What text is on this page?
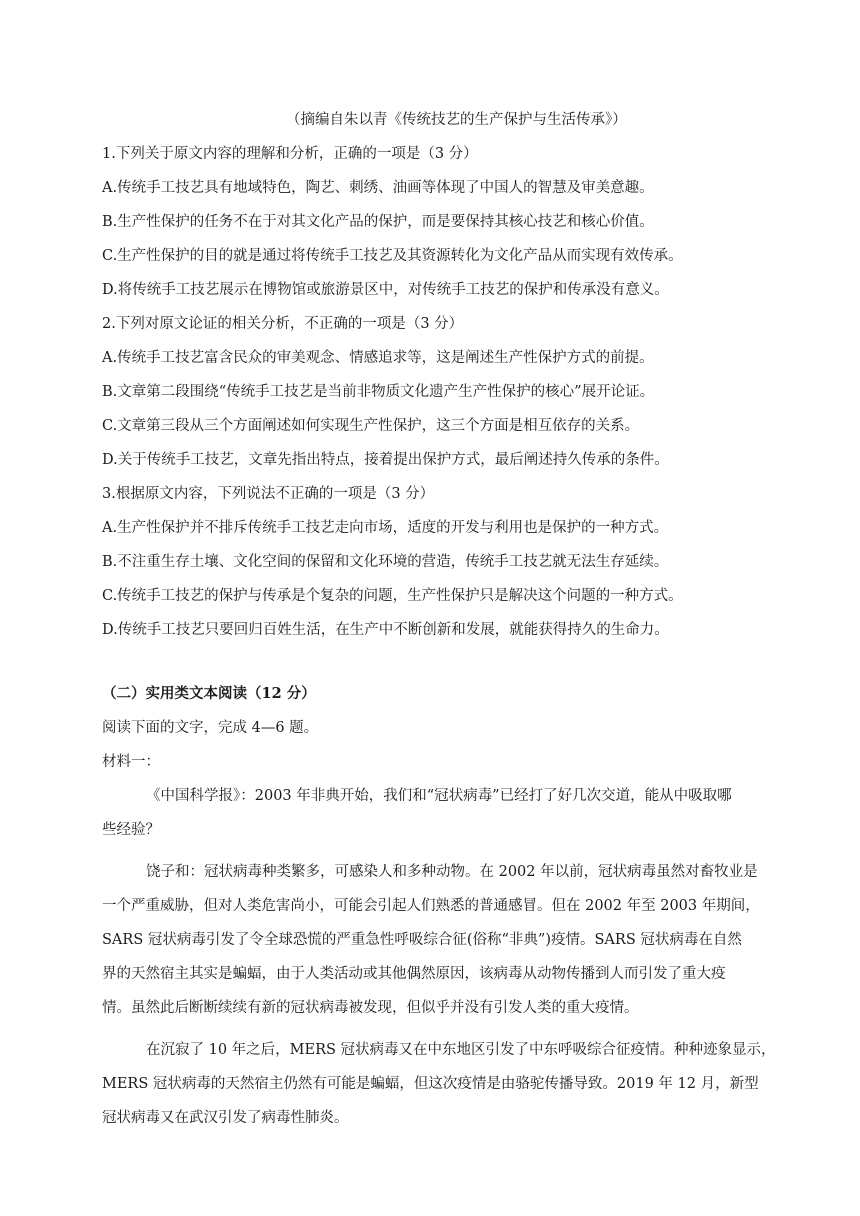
（摘编自朱以青《传统技艺的生产保护与生活传承》）
1.下列关于原文内容的理解和分析，正确的一项是（3 分）
A.传统手工技艺具有地域特色，陶艺、刺绣、油画等体现了中国人的智慧及审美意趣。
B.生产性保护的任务不在于对其文化产品的保护，而是要保持其核心技艺和核心价值。
C.生产性保护的目的就是通过将传统手工技艺及其资源转化为文化产品从而实现有效传承。
D.将传统手工技艺展示在博物馆或旅游景区中，对传统手工技艺的保护和传承没有意义。
2.下列对原文论证的相关分析，不正确的一项是（3 分）
A.传统手工技艺富含民众的审美观念、情感追求等，这是阐述生产性保护方式的前提。
B.文章第二段围绕“传统手工技艺是当前非物质文化遗产生产性保护的核心”展开论证。
C.文章第三段从三个方面阐述如何实现生产性保护，这三个方面是相互依存的关系。
D.关于传统手工技艺，文章先指出特点，接着提出保护方式，最后阐述持久传承的条件。
3.根据原文内容，下列说法不正确的一项是（3 分）
A.生产性保护并不排斥传统手工技艺走向市场，适度的开发与利用也是保护的一种方式。
B.不注重生存土壤、文化空间的保留和文化环境的营造，传统手工技艺就无法生存延续。
C.传统手工技艺的保护与传承是个复杂的问题，生产性保护只是解决这个问题的一种方式。
D.传统手工技艺只要回归百姓生活，在生产中不断创新和发展，就能获得持久的生命力。
（二）实用类文本阅读（12 分）
阅读下面的文字，完成 4—6 题。
材料一：
《中国科学报》：2003 年非典开始，我们和“冠状病毒”已经打了好几次交道，能从中吸取哪
些经验？
饶子和：冠状病毒种类繁多，可感染人和多种动物。在 2002 年以前，冠状病毒虽然对畜牧业是
一个严重威胁，但对人类危害尚小，可能会引起人们熟悉的普通感冒。但在 2002 年至 2003 年期间，
SARS 冠状病毒引发了令全球恐慌的严重急性呼吸综合征(俗称“非典”)疫情。SARS 冠状病毒在自然
界的天然宿主其实是蝙蝠，由于人类活动或其他偶然原因，该病毒从动物传播到人而引发了重大疫
情。虽然此后断断续续有新的冠状病毒被发现，但似乎并没有引发人类的重大疫情。
在沉寂了 10 年之后，MERS 冠状病毒又在中东地区引发了中东呼吸综合征疫情。种种迹象显示，
MERS 冠状病毒的天然宿主仍然有可能是蝙蝠，但这次疫情是由骆驼传播导致。2019 年 12 月，新型
冠状病毒又在武汉引发了病毒性肺炎。
